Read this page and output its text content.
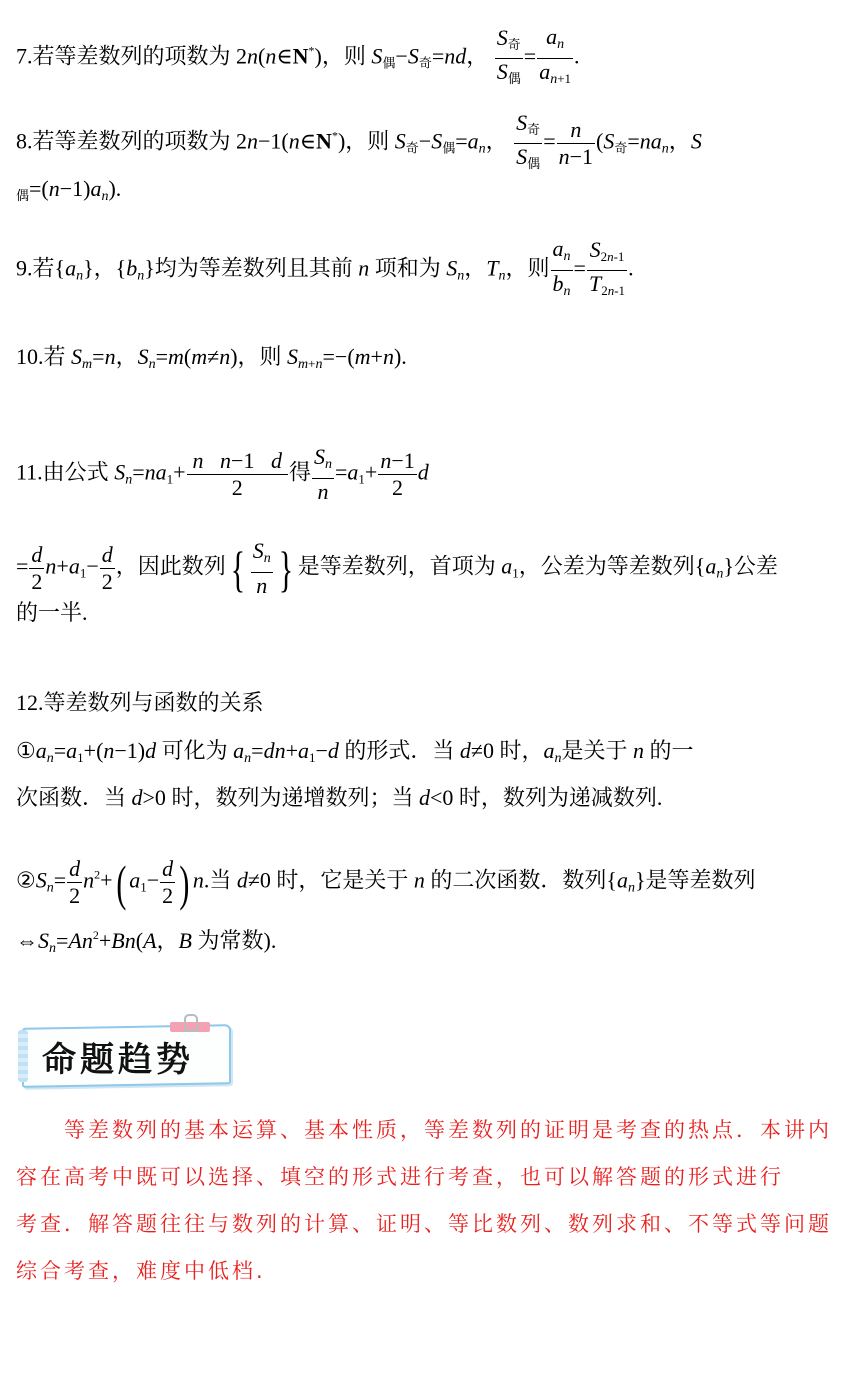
7.若等差数列的项数为 2n(n∈N*)，则 $S_偶-S_奇=nd$， $\frac{S_奇}{S_偶} = \frac{an}{an_{+1}}$ .
8.若等差数列的项数为 2n−1(n∈N*)，则 $S_奇-S_偶=an$， $\frac{S_奇}{S_偶} = \frac{n}{n-1} (S_奇=nan$，S
$_偶$=(n−1)an).
9.若{an}，{bn}均为等差数列且其前 n 项和为 Sn，Tn，则 $\frac{an}{bn} = \frac{S_{2n-1}}{T_{2n-1}}$ .
10.若 Sm=n，Sn=m(m≠n)，则 $Sm_+n=-(m+n)$.
11.由公式 $Sn=na_1+ \frac{\text{n n−1   d}}{2}$ 得 $\frac{Sn}{n} =a_1+ \frac{n-1}{2}$ d
= $\frac{d}{2} n+a_1- \frac{d}{2}$ ，因此数列{ $\frac{Sn}{n}$ } 是等差数列，首项为 $a_1$，公差为等差数列{an}公差
的一半.
12.等差数列与函数的关系
$①an=a_1+(n-1)d$ 可化为 $an=dn+a_1-d$ 的形式．当 d≠0 时，an是关于 n 的一
次函数．当 d>0 时，数列为递增数列；当 d<0 时，数列为递减数列.
②Sn= $\frac{d}{2} n^2+$( $a_1- \frac{d}{2}$ ) n.当 d≠0 时，它是关于 n 的二次函数．数列{an}是等差数列
$\Leftrightarrow Sn=An^2+Bn(A$，B 为常数).
命题趋势
　　等差数列的基本运算、基本性质，等差数列的证明是考查的热点．本讲内
容在高考中既可以选择、填空的形式进行考查，也可以解答题的形式进行
考查．解答题往往与数列的计算、证明、等比数列、数列求和、不等式等问题
综合考查，难度中低档.
